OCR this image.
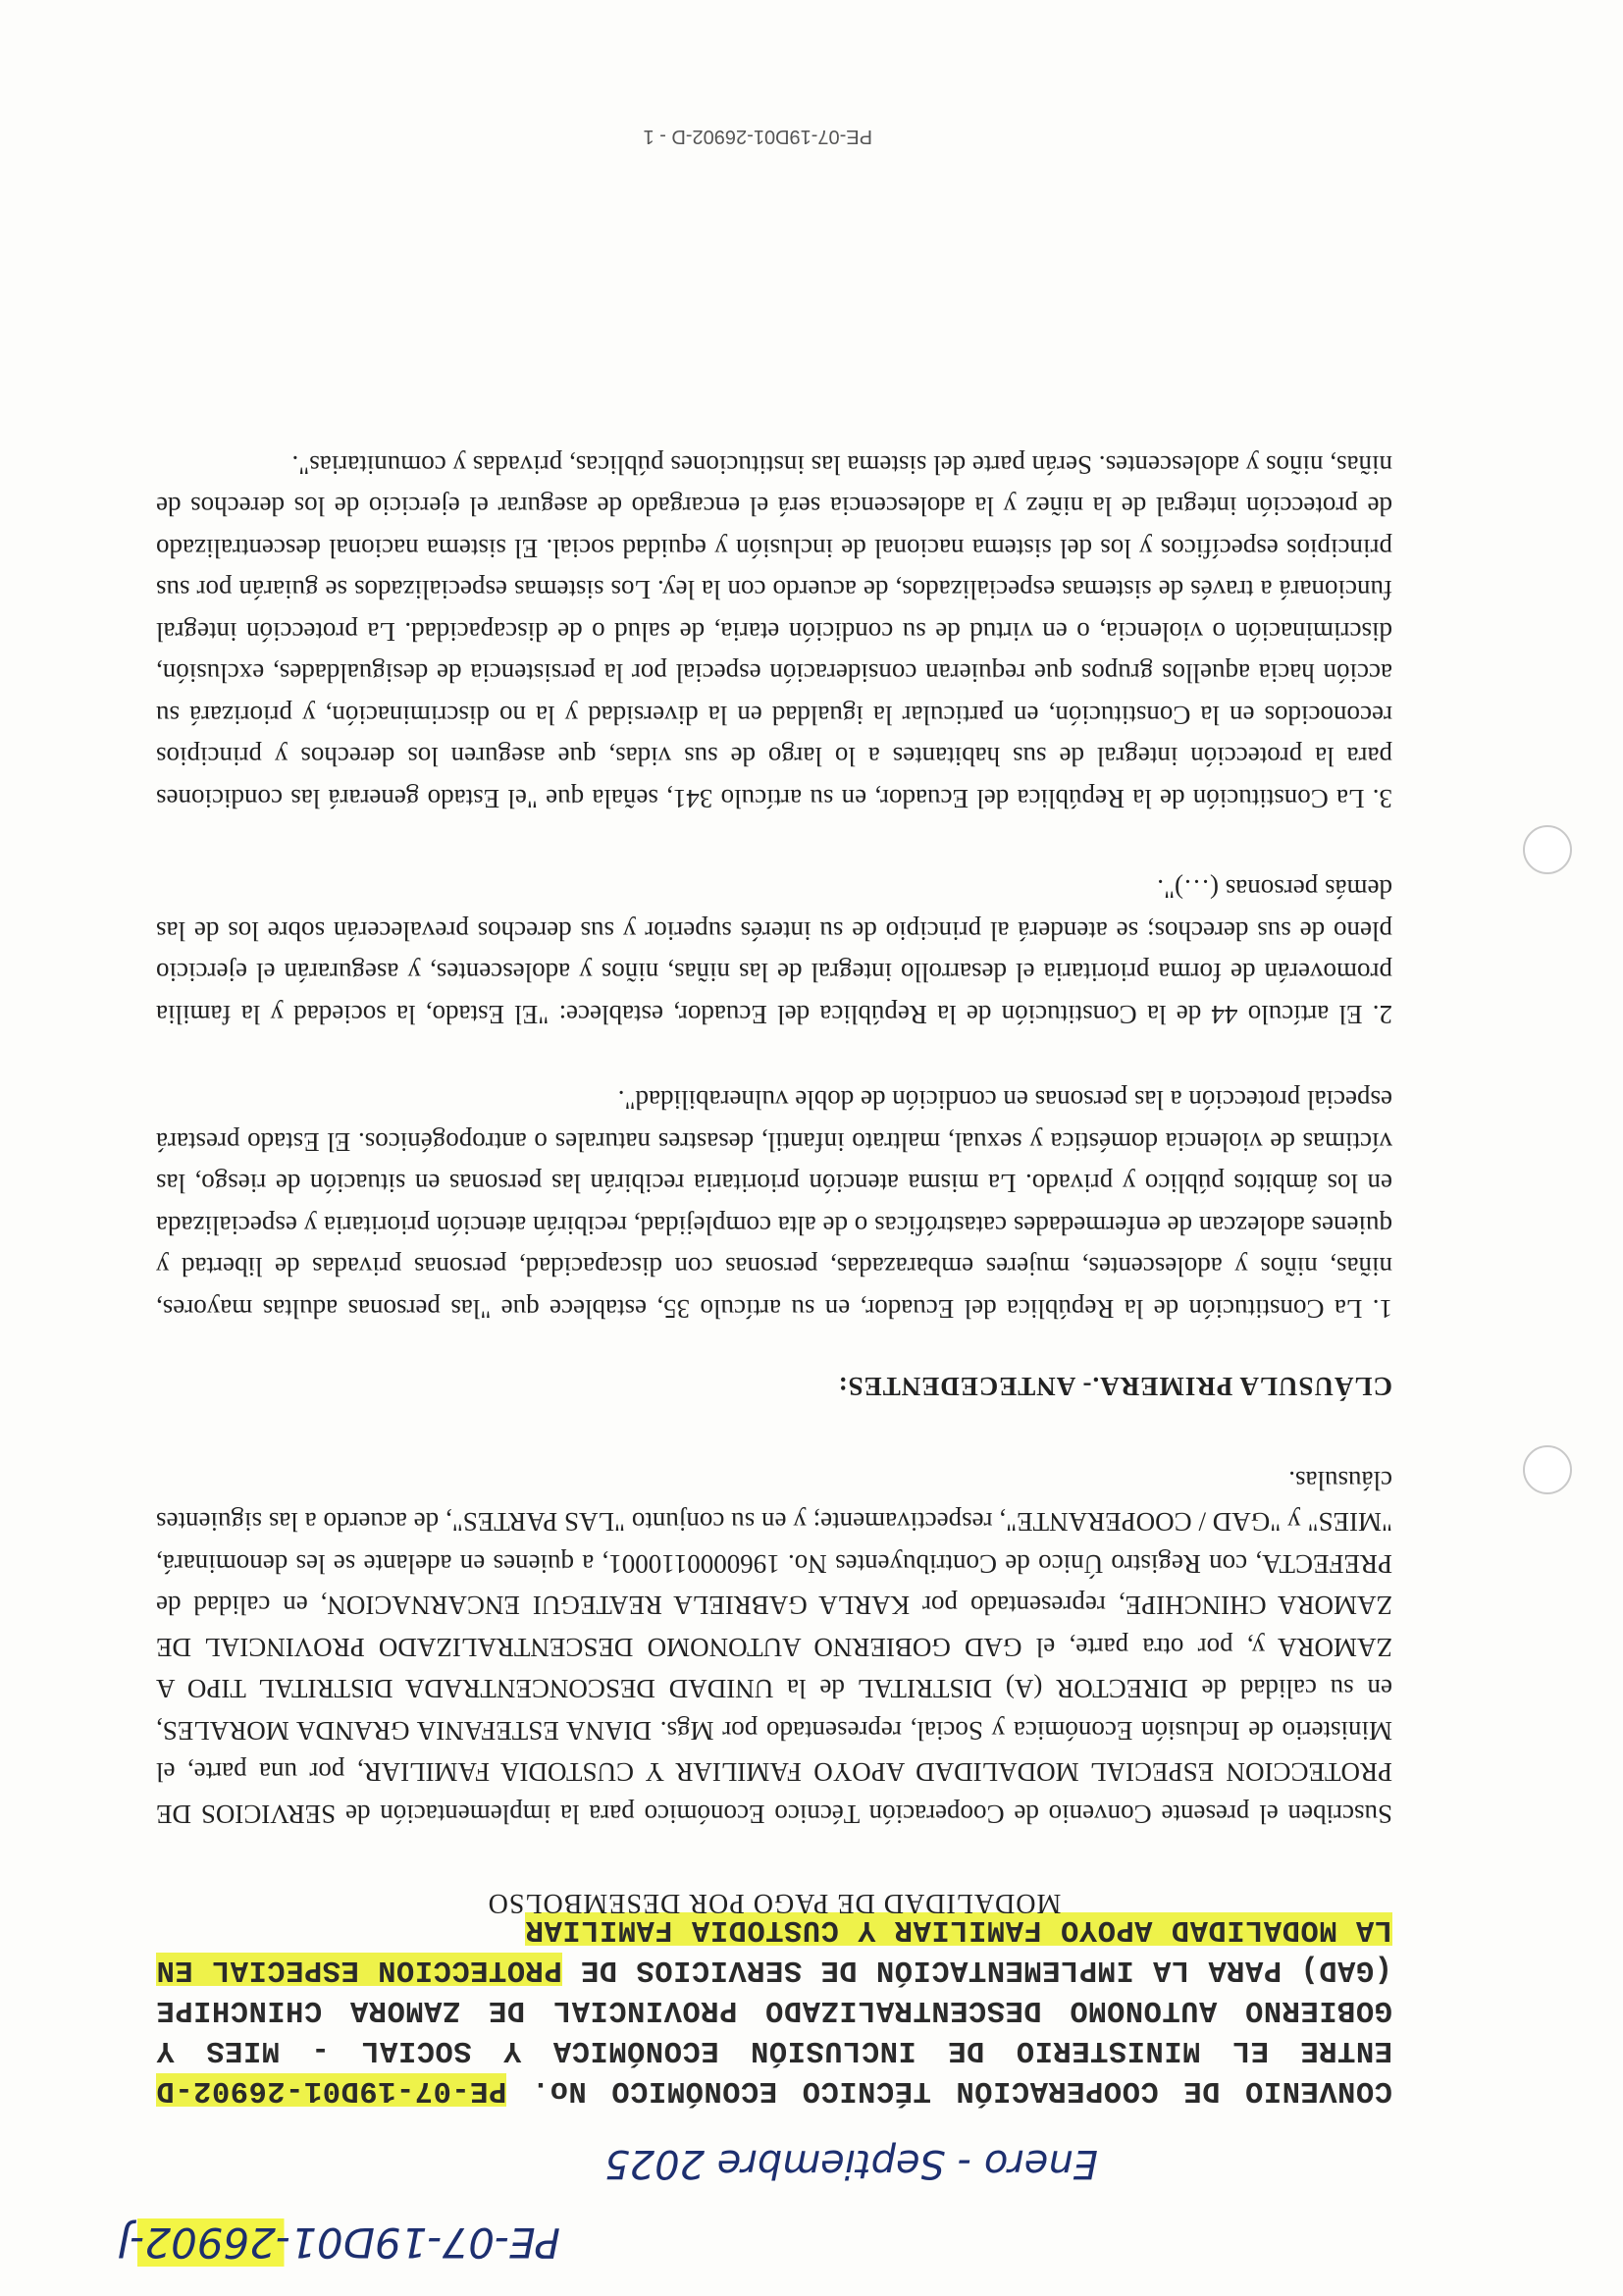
PE-07-19D01-26902-J
Enero - Septiembre 2025
CONVENIO DE COOPERACIÓN TÉCNICO ECONÓMICO No. PE-07-19D01-26902-D ENTRE EL MINISTERIO DE INCLUSIÓN ECONÓMICA Y SOCIAL - MIES Y GOBIERNO AUTONOMO DESCENTRALIZADO PROVINCIAL DE ZAMORA CHINCHIPE (GAD) PARA LA IMPLEMENTACIÓN DE SERVICIOS DE PROTECCION ESPECIAL EN LA MODALIDAD APOYO FAMILIAR Y CUSTODIA FAMILIAR
MODALIDAD DE PAGO POR DESEMBOLSO

Suscriben el presente Convenio de Cooperación Técnico Económico para la implementación de SERVICIOS DE PROTECCION ESPECIAL MODALIDAD APOYO FAMILIAR Y CUSTODIA FAMILIAR, por una parte, el Ministerio de Inclusión Económica y Social, representado por Mgs. DIANA ESTEFANIA GRANDA MORALES, en su calidad de DIRECTOR (A) DISTRITAL de la UNIDAD DESCONCENTRADA DISTRITAL TIPO A ZAMORA y, por otra parte, el GAD GOBIERNO AUTONOMO DESCENTRALIZADO PROVINCIAL DE ZAMORA CHINCHIPE, representado por KARLA GABRIELA REATEGUI ENCARNACION, en calidad de PREFECTA, con Registro Único de Contribuyentes No. 1960000110001, a quienes en adelante se les denominará, "MIES" y "GAD / COOPERANTE", respectivamente; y en su conjunto "LAS PARTES", de acuerdo a las siguientes cláusulas.

CLÁUSULA PRIMERA.- ANTECEDENTES:

1. La Constitución de la República del Ecuador, en su artículo 35, establece que "las personas adultas mayores, niñas, niños y adolescentes, mujeres embarazadas, personas con discapacidad, personas privadas de libertad y quienes adolezcan de enfermedades catastróficas o de alta complejidad, recibirán atención prioritaria y especializada en los ámbitos público y privado. La misma atención prioritaria recibirán las personas en situación de riesgo, las víctimas de violencia doméstica y sexual, maltrato infantil, desastres naturales o antropogénicos. El Estado prestará especial protección a las personas en condición de doble vulnerabilidad".

2. El artículo 44 de la Constitución de la República del Ecuador, establece: "El Estado, la sociedad y la familia promoverán de forma prioritaria el desarrollo integral de las niñas, niños y adolescentes, y asegurarán el ejercicio pleno de sus derechos; se atenderá al principio de su interés superior y sus derechos prevalecerán sobre los de las demás personas (…)".

3. La Constitución de la República del Ecuador, en su artículo 341, señala que "el Estado generará las condiciones para la protección integral de sus habitantes a lo largo de sus vidas, que aseguren los derechos y principios reconocidos en la Constitución, en particular la igualdad en la diversidad y la no discriminación, y priorizará su acción hacia aquellos grupos que requieran consideración especial por la persistencia de desigualdades, exclusión, discriminación o violencia, o en virtud de su condición etaria, de salud o de discapacidad. La protección integral funcionará a través de sistemas especializados, de acuerdo con la ley. Los sistemas especializados se guiarán por sus principios específicos y los del sistema nacional de inclusión y equidad social. El sistema nacional descentralizado de protección integral de la niñez y la adolescencia será el encargado de asegurar el ejercicio de los derechos de niñas, niños y adolescentes. Serán parte del sistema las instituciones públicas, privadas y comunitarias".

PE-07-19D01-26902-D - 1
